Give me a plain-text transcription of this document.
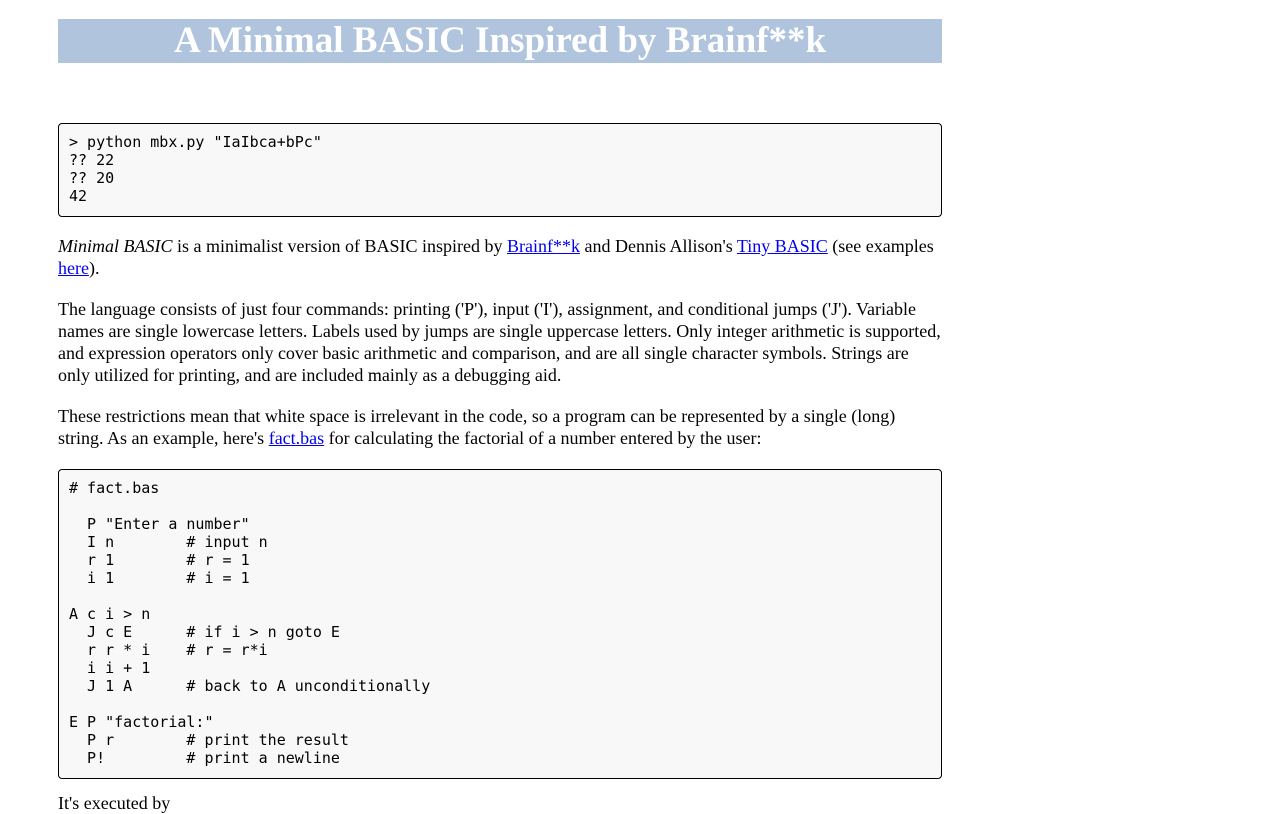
A Minimal BASIC Inspired by Brainf**k
> python mbx.py "IaIbca+bPc"
?? 22
?? 20
42

Minimal BASIC is a minimalist version of BASIC inspired by Brainf**k and Dennis Allison's Tiny BASIC (see examples here).

The language consists of just four commands: printing ('P'), input ('I'), assignment, and conditional jumps ('J'). Variable names are single lowercase letters. Labels used by jumps are single uppercase letters. Only integer arithmetic is supported, and expression operators only cover basic arithmetic and comparison, and are all single character symbols. Strings are only utilized for printing, and are included mainly as a debugging aid.

These restrictions mean that white space is irrelevant in the code, so a program can be represented by a single (long) string. As an example, here's fact.bas for calculating the factorial of a number entered by the user:

# fact.bas

P "Enter a number"
I n        # input n
r 1        # r = 1
i 1        # i = 1

A c i > n
J c E      # if i > n goto E
r r * i    # r = r*i
i i + 1
J 1 A      # back to A unconditionally

E P "factorial:"
P r        # print the result
P!         # print a newline

It's executed by
